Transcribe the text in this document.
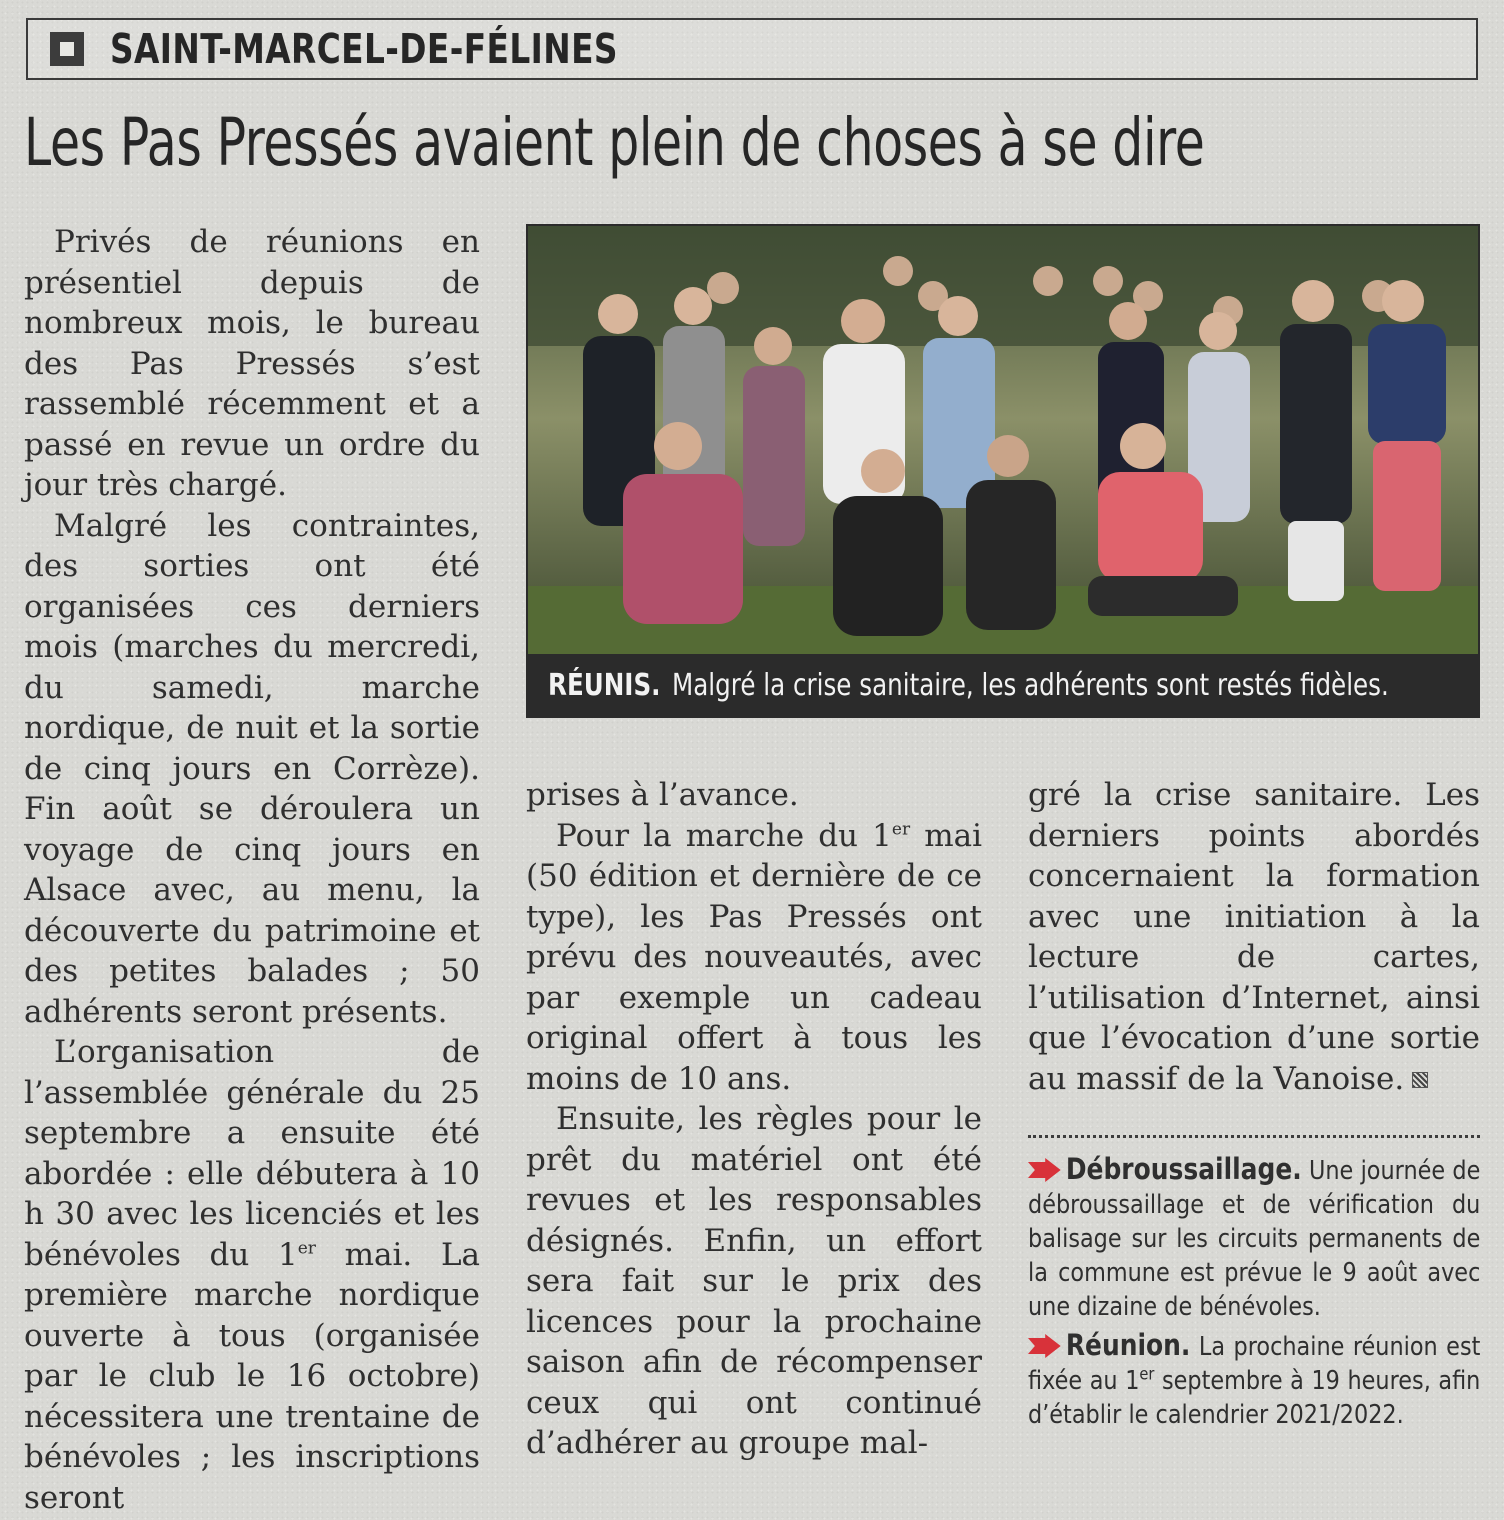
SAINT-MARCEL-DE-FÉLINES
Les Pas Pressés avaient plein de choses à se dire

Privés de réunions en présentiel depuis de nombreux mois, le bureau des Pas Pressés s’est rassemblé récemment et a passé en revue un ordre du jour très chargé.

Malgré les contraintes, des sorties ont été organisées ces derniers mois (marches du mercredi, du samedi, marche nordique, de nuit et la sortie de cinq jours en Corrèze). Fin août se déroulera un voyage de cinq jours en Alsace avec, au menu, la découverte du patrimoine et des petites balades ; 50 adhérents seront présents.

L’organisation de l’assemblée générale du 25 septembre a ensuite été abordée : elle débutera à 10 h 30 avec les licenciés et les bénévoles du 1er mai. La première marche nordique ouverte à tous (organisée par le club le 16 octobre) nécessitera une trentaine de bénévoles ; les inscriptions seront

RÉUNIS. Malgré la crise sanitaire, les adhérents sont restés fidèles.

prises à l’avance.

Pour la marche du 1er mai (50 édition et dernière de ce type), les Pas Pressés ont prévu des nouveautés, avec par exemple un cadeau original offert à tous les moins de 10 ans.

Ensuite, les règles pour le prêt du matériel ont été revues et les responsables désignés. Enfin, un effort sera fait sur le prix des licences pour la prochaine saison afin de récompenser ceux qui ont continué d’adhérer au groupe mal-

gré la crise sanitaire. Les derniers points abordés concernaient la formation avec une initiation à la lecture de cartes, l’utilisation d’Internet, ainsi que l’évocation d’une sortie au massif de la Vanoise.

Débroussaillage. Une journée de débroussaillage et de vérification du balisage sur les circuits permanents de la commune est prévue le 9 août avec une dizaine de bénévoles.
Réunion. La prochaine réunion est fixée au 1er septembre à 19 heures, afin d’établir le calendrier 2021/2022.
